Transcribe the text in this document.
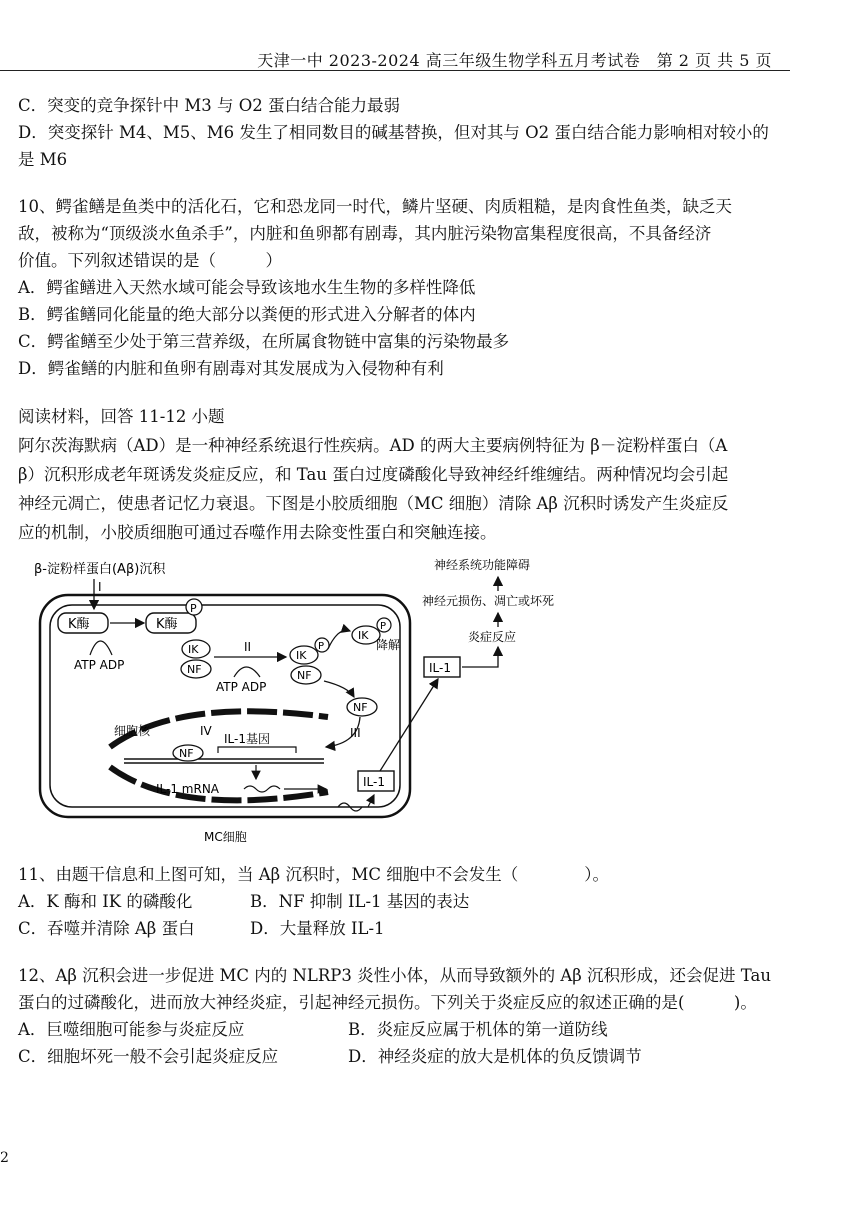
天津一中 2023-2024 高三年级生物学科五月考试卷　第 2 页 共 5 页
C．突变的竞争探针中 M3 与 O2 蛋白结合能力最弱
D．突变探针 M4、M5、M6 发生了相同数目的碱基替换，但对其与 O2 蛋白结合能力影响相对较小的
是 M6
10、鳄雀鳝是鱼类中的活化石，它和恐龙同一时代，鳞片坚硬、肉质粗糙，是肉食性鱼类，缺乏天
敌，被称为“顶级淡水鱼杀手”，内脏和鱼卵都有剧毒，其内脏污染物富集程度很高，不具备经济
价值。下列叙述错误的是（　　　）
A．鳄雀鳝进入天然水域可能会导致该地水生生物的多样性降低
B．鳄雀鳝同化能量的绝大部分以粪便的形式进入分解者的体内
C．鳄雀鳝至少处于第三营养级，在所属食物链中富集的污染物最多
D．鳄雀鳝的内脏和鱼卵有剧毒对其发展成为入侵物种有利
阅读材料，回答 11-12 小题
阿尔茨海默病（AD）是一种神经系统退行性疾病。AD 的两大主要病例特征为 β－淀粉样蛋白（A
β）沉积形成老年斑诱发炎症反应，和 Tau 蛋白过度磷酸化导致神经纤维缠结。两种情况均会引起
神经元凋亡，使患者记忆力衰退。下图是小胶质细胞（MC 细胞）清除 Aβ 沉积时诱发产生炎症反
应的机制，小胶质细胞可通过吞噬作用去除变性蛋白和突触连接。
β-淀粉样蛋白(Aβ)沉积
I
K酶
ATP ADP
K酶
P
IK
NF
II
ATP ADP
IK
P
NF
IK
P
降解
NF
III
细胞核
NF
IV
IL-1基因
IL-1 mRNA	IL-1
MC细胞
IL-1
炎症反应
神经元损伤、凋亡或坏死
神经系统功能障碍
11、由题干信息和上图可知，当 Aβ 沉积时，MC 细胞中不会发生（　　　　）。
A．K 酶和 IK 的磷酸化	B．NF 抑制 IL-1 基因的表达
C．吞噬并清除 Aβ 蛋白	D．大量释放 IL-1
12、Aβ 沉积会进一步促进 MC 内的 NLRP3 炎性小体，从而导致额外的 Aβ 沉积形成，还会促进 Tau
蛋白的过磷酸化，进而放大神经炎症，引起神经元损伤。下列关于炎症反应的叙述正确的是(　　　)。
A．巨噬细胞可能参与炎症反应	B．炎症反应属于机体的第一道防线
C．细胞坏死一般不会引起炎症反应	D．神经炎症的放大是机体的负反馈调节
2
